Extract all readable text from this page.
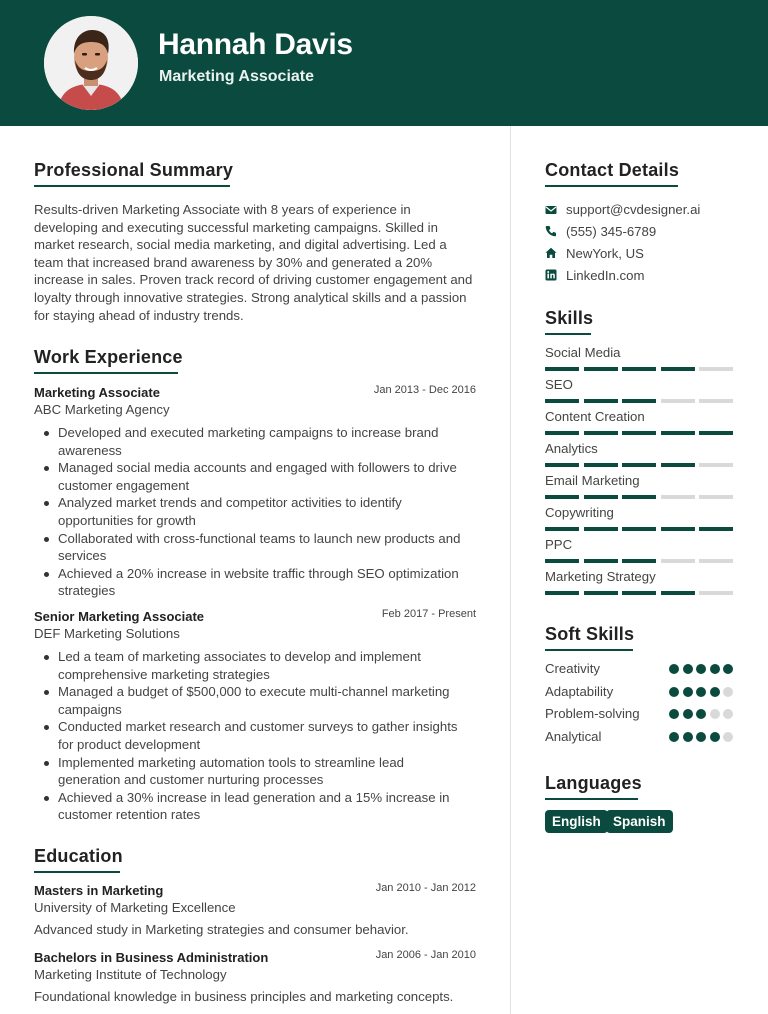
Hannah Davis
Marketing Associate
Professional Summary
Results-driven Marketing Associate with 8 years of experience in
developing and executing successful marketing campaigns. Skilled in
market research, social media marketing, and digital advertising. Led a
team that increased brand awareness by 30% and generated a 20%
increase in sales. Proven track record of driving customer engagement and
loyalty through innovative strategies. Strong analytical skills and a passion
for staying ahead of industry trends.
Work Experience
Marketing Associate	Jan 2013 - Dec 2016
ABC Marketing Agency
Developed and executed marketing campaigns to increase brand
awareness
Managed social media accounts and engaged with followers to drive
customer engagement
Analyzed market trends and competitor activities to identify
opportunities for growth
Collaborated with cross-functional teams to launch new products and
services
Achieved a 20% increase in website traffic through SEO optimization
strategies
Senior Marketing Associate	Feb 2017 - Present
DEF Marketing Solutions
Led a team of marketing associates to develop and implement
comprehensive marketing strategies
Managed a budget of $500,000 to execute multi-channel marketing
campaigns
Conducted market research and customer surveys to gather insights
for product development
Implemented marketing automation tools to streamline lead
generation and customer nurturing processes
Achieved a 30% increase in lead generation and a 15% increase in
customer retention rates
Education
Masters in Marketing	Jan 2010 - Jan 2012
University of Marketing Excellence
Advanced study in Marketing strategies and consumer behavior.
Bachelors in Business Administration	Jan 2006 - Jan 2010
Marketing Institute of Technology
Foundational knowledge in business principles and marketing concepts.
Contact Details
support@cvdesigner.ai
(555) 345-6789
NewYork, US
LinkedIn.com
Skills
Social Media
SEO
Content Creation
Analytics
Email Marketing
Copywriting
PPC
Marketing Strategy
Soft Skills
Creativity
Adaptability
Problem-solving
Analytical
Languages
English Spanish
